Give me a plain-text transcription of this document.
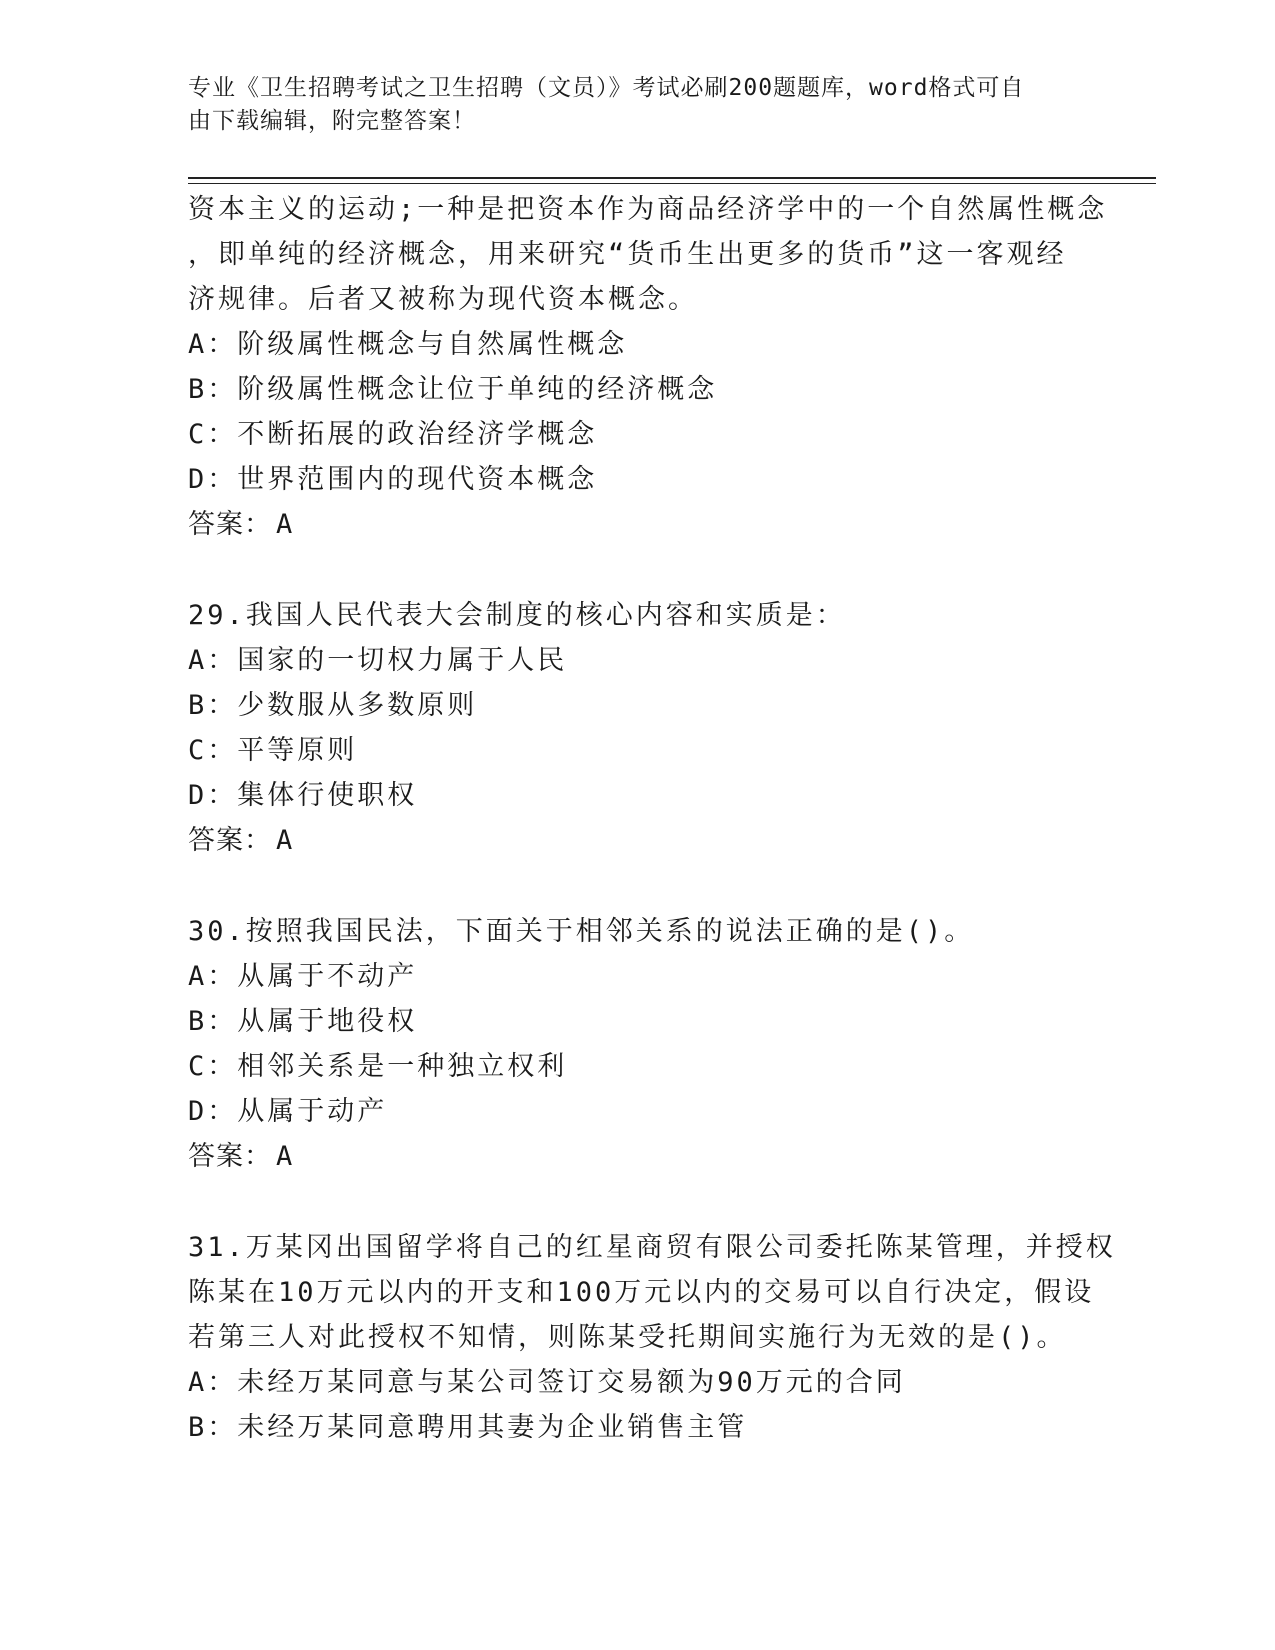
专业《卫生招聘考试之卫生招聘（文员）》考试必刷200题题库，word格式可自
由下载编辑，附完整答案！
资本主义的运动;一种是把资本作为商品经济学中的一个自然属性概念
，即单纯的经济概念，用来研究“货币生出更多的货币”这一客观经
济规律。后者又被称为现代资本概念。
A：阶级属性概念与自然属性概念
B：阶级属性概念让位于单纯的经济概念
C：不断拓展的政治经济学概念
D：世界范围内的现代资本概念
答案： A
29.我国人民代表大会制度的核心内容和实质是：
A：国家的一切权力属于人民
B：少数服从多数原则
C：平等原则
D：集体行使职权
答案： A
30.按照我国民法，下面关于相邻关系的说法正确的是()。
A：从属于不动产
B：从属于地役权
C：相邻关系是一种独立权利
D：从属于动产
答案： A
31.万某冈出国留学将自己的红星商贸有限公司委托陈某管理，并授权
陈某在10万元以内的开支和100万元以内的交易可以自行决定，假设
若第三人对此授权不知情，则陈某受托期间实施行为无效的是()。
A：未经万某同意与某公司签订交易额为90万元的合同
B：未经万某同意聘用其妻为企业销售主管
